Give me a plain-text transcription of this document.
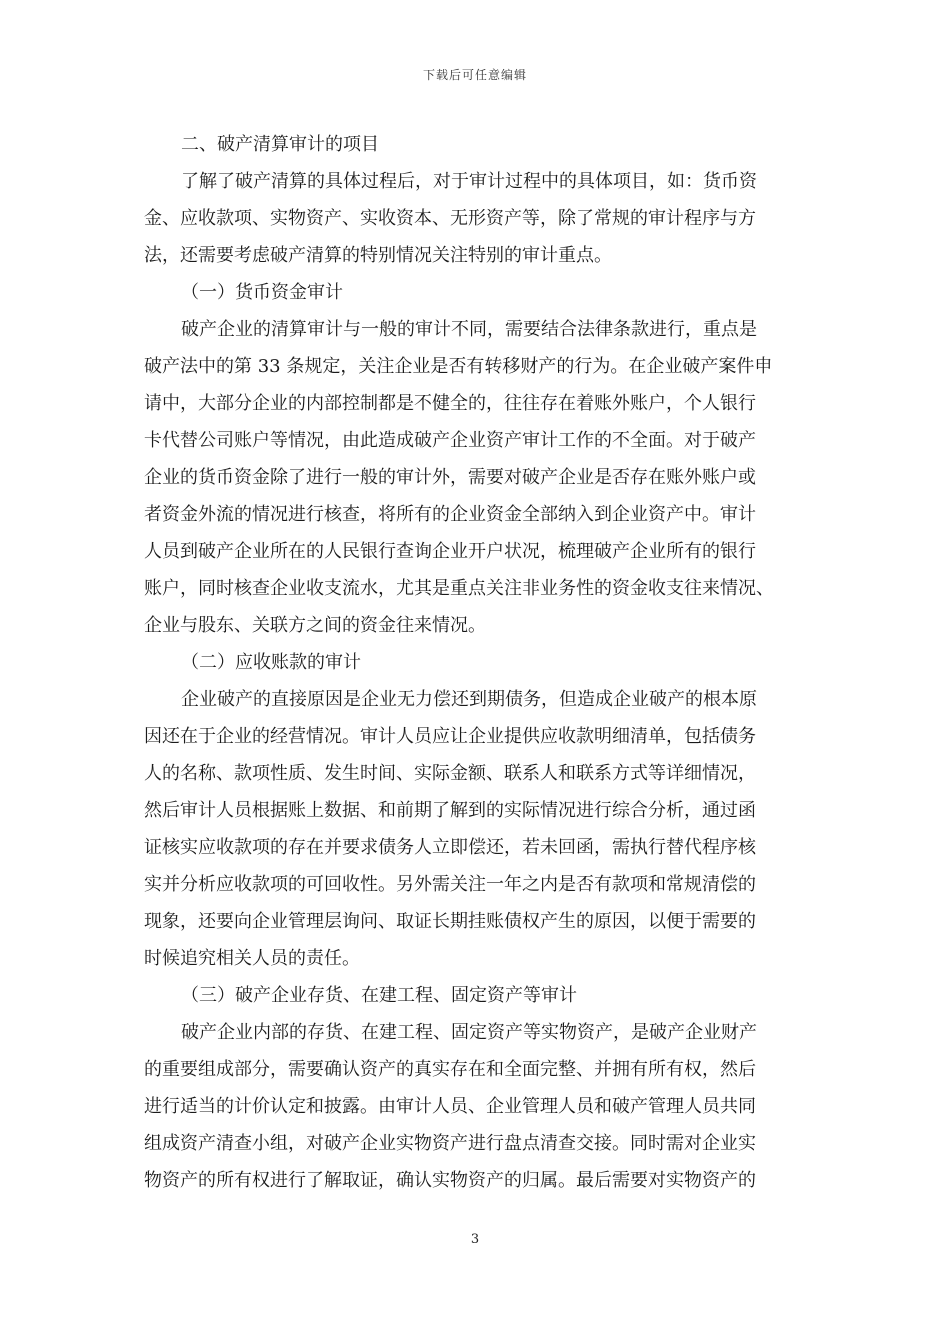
下载后可任意编辑
二、破产清算审计的项目
了解了破产清算的具体过程后，对于审计过程中的具体项目，如：货币资
金、应收款项、实物资产、实收资本、无形资产等，除了常规的审计程序与方
法，还需要考虑破产清算的特别情况关注特别的审计重点。
（一）货币资金审计
破产企业的清算审计与一般的审计不同，需要结合法律条款进行，重点是
破产法中的第 33 条规定，关注企业是否有转移财产的行为。在企业破产案件申
请中，大部分企业的内部控制都是不健全的，往往存在着账外账户，个人银行
卡代替公司账户等情况，由此造成破产企业资产审计工作的不全面。对于破产
企业的货币资金除了进行一般的审计外，需要对破产企业是否存在账外账户或
者资金外流的情况进行核查，将所有的企业资金全部纳入到企业资产中。审计
人员到破产企业所在的人民银行查询企业开户状况，梳理破产企业所有的银行
账户，同时核查企业收支流水，尤其是重点关注非业务性的资金收支往来情况、
企业与股东、关联方之间的资金往来情况。
（二）应收账款的审计
企业破产的直接原因是企业无力偿还到期债务，但造成企业破产的根本原
因还在于企业的经营情况。审计人员应让企业提供应收款明细清单，包括债务
人的名称、款项性质、发生时间、实际金额、联系人和联系方式等详细情况，
然后审计人员根据账上数据、和前期了解到的实际情况进行综合分析，通过函
证核实应收款项的存在并要求债务人立即偿还，若未回函，需执行替代程序核
实并分析应收款项的可回收性。另外需关注一年之内是否有款项和常规清偿的
现象，还要向企业管理层询问、取证长期挂账债权产生的原因，以便于需要的
时候追究相关人员的责任。
（三）破产企业存货、在建工程、固定资产等审计
破产企业内部的存货、在建工程、固定资产等实物资产，是破产企业财产
的重要组成部分，需要确认资产的真实存在和全面完整、并拥有所有权，然后
进行适当的计价认定和披露。由审计人员、企业管理人员和破产管理人员共同
组成资产清查小组，对破产企业实物资产进行盘点清查交接。同时需对企业实
物资产的所有权进行了解取证，确认实物资产的归属。最后需要对实物资产的
3
